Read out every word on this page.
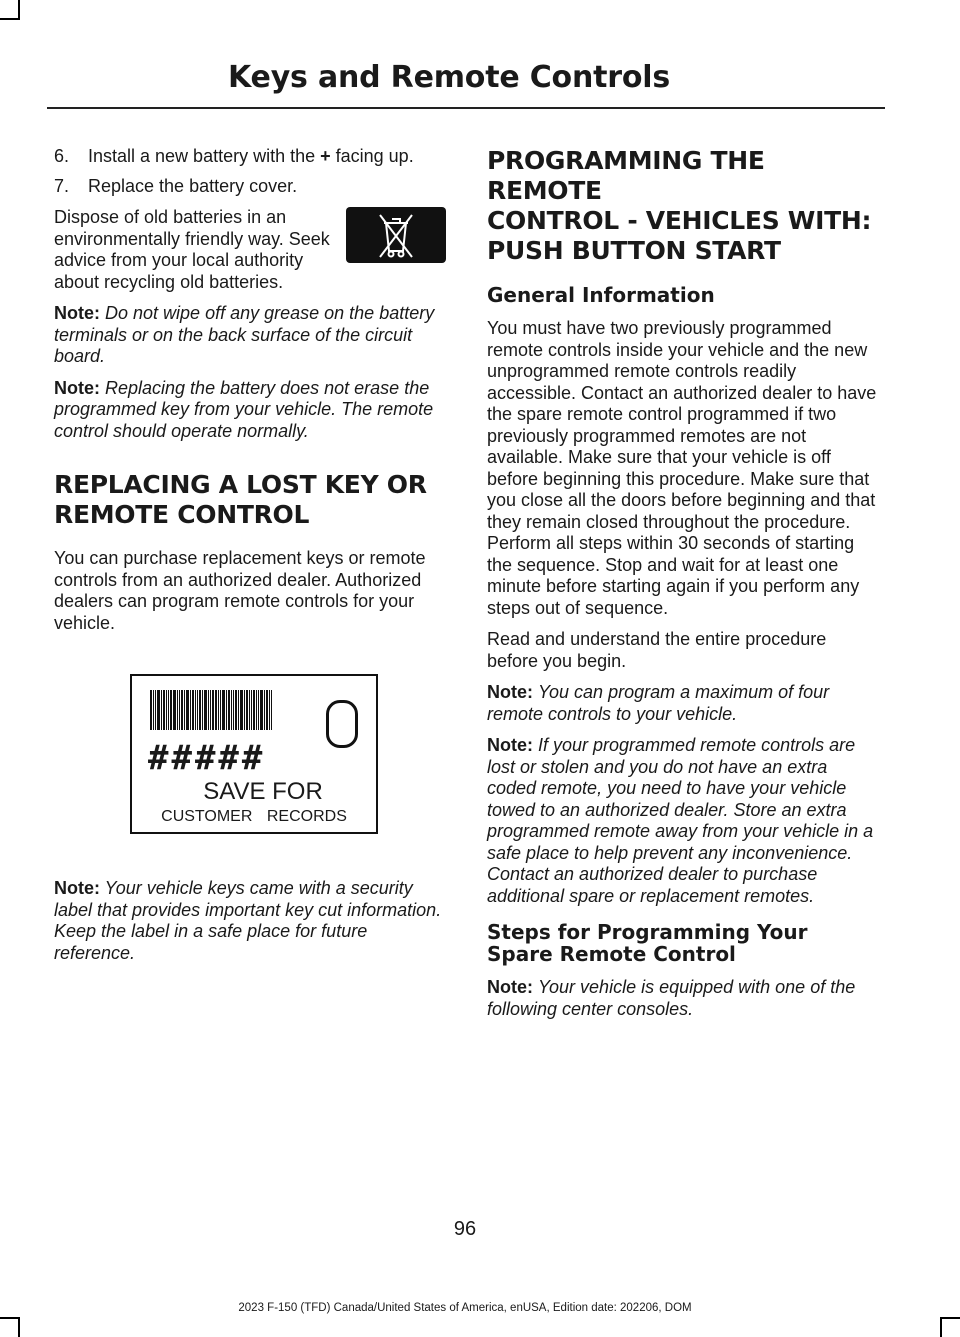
Keys and Remote Controls
6. Install a new battery with the + facing up.
7. Replace the battery cover.

Dispose of old batteries in an environmentally friendly way. Seek advice from your local authority about recycling old batteries.

Note: Do not wipe off any grease on the battery terminals or on the back surface of the circuit board.

Note: Replacing the battery does not erase the programmed key from your vehicle. The remote control should operate normally.

REPLACING A LOST KEY OR
REMOTE CONTROL

You can purchase replacement keys or remote controls from an authorized dealer. Authorized dealers can program remote controls for your vehicle.

#####
SAVE FOR
CUSTOMER RECORDS

Note: Your vehicle keys came with a security label that provides important key cut information. Keep the label in a safe place for future reference.

PROGRAMMING THE REMOTE
CONTROL - VEHICLES WITH:
PUSH BUTTON START
General Information

You must have two previously programmed remote controls inside your vehicle and the new unprogrammed remote controls readily accessible. Contact an authorized dealer to have the spare remote control programmed if two previously programmed remotes are not available. Make sure that your vehicle is off before beginning this procedure. Make sure that you close all the doors before beginning and that they remain closed throughout the procedure. Perform all steps within 30 seconds of starting the sequence. Stop and wait for at least one minute before starting again if you perform any steps out of sequence.

Read and understand the entire procedure before you begin.

Note: You can program a maximum of four remote controls to your vehicle.

Note: If your programmed remote controls are lost or stolen and you do not have an extra coded remote, you need to have your vehicle towed to an authorized dealer. Store an extra programmed remote away from your vehicle in a safe place to help prevent any inconvenience. Contact an authorized dealer to purchase additional spare or replacement remotes.

Steps for Programming Your Spare Remote Control

Note: Your vehicle is equipped with one of the following center consoles.

96
2023 F-150 (TFD) Canada/United States of America, enUSA, Edition date: 202206, DOM
